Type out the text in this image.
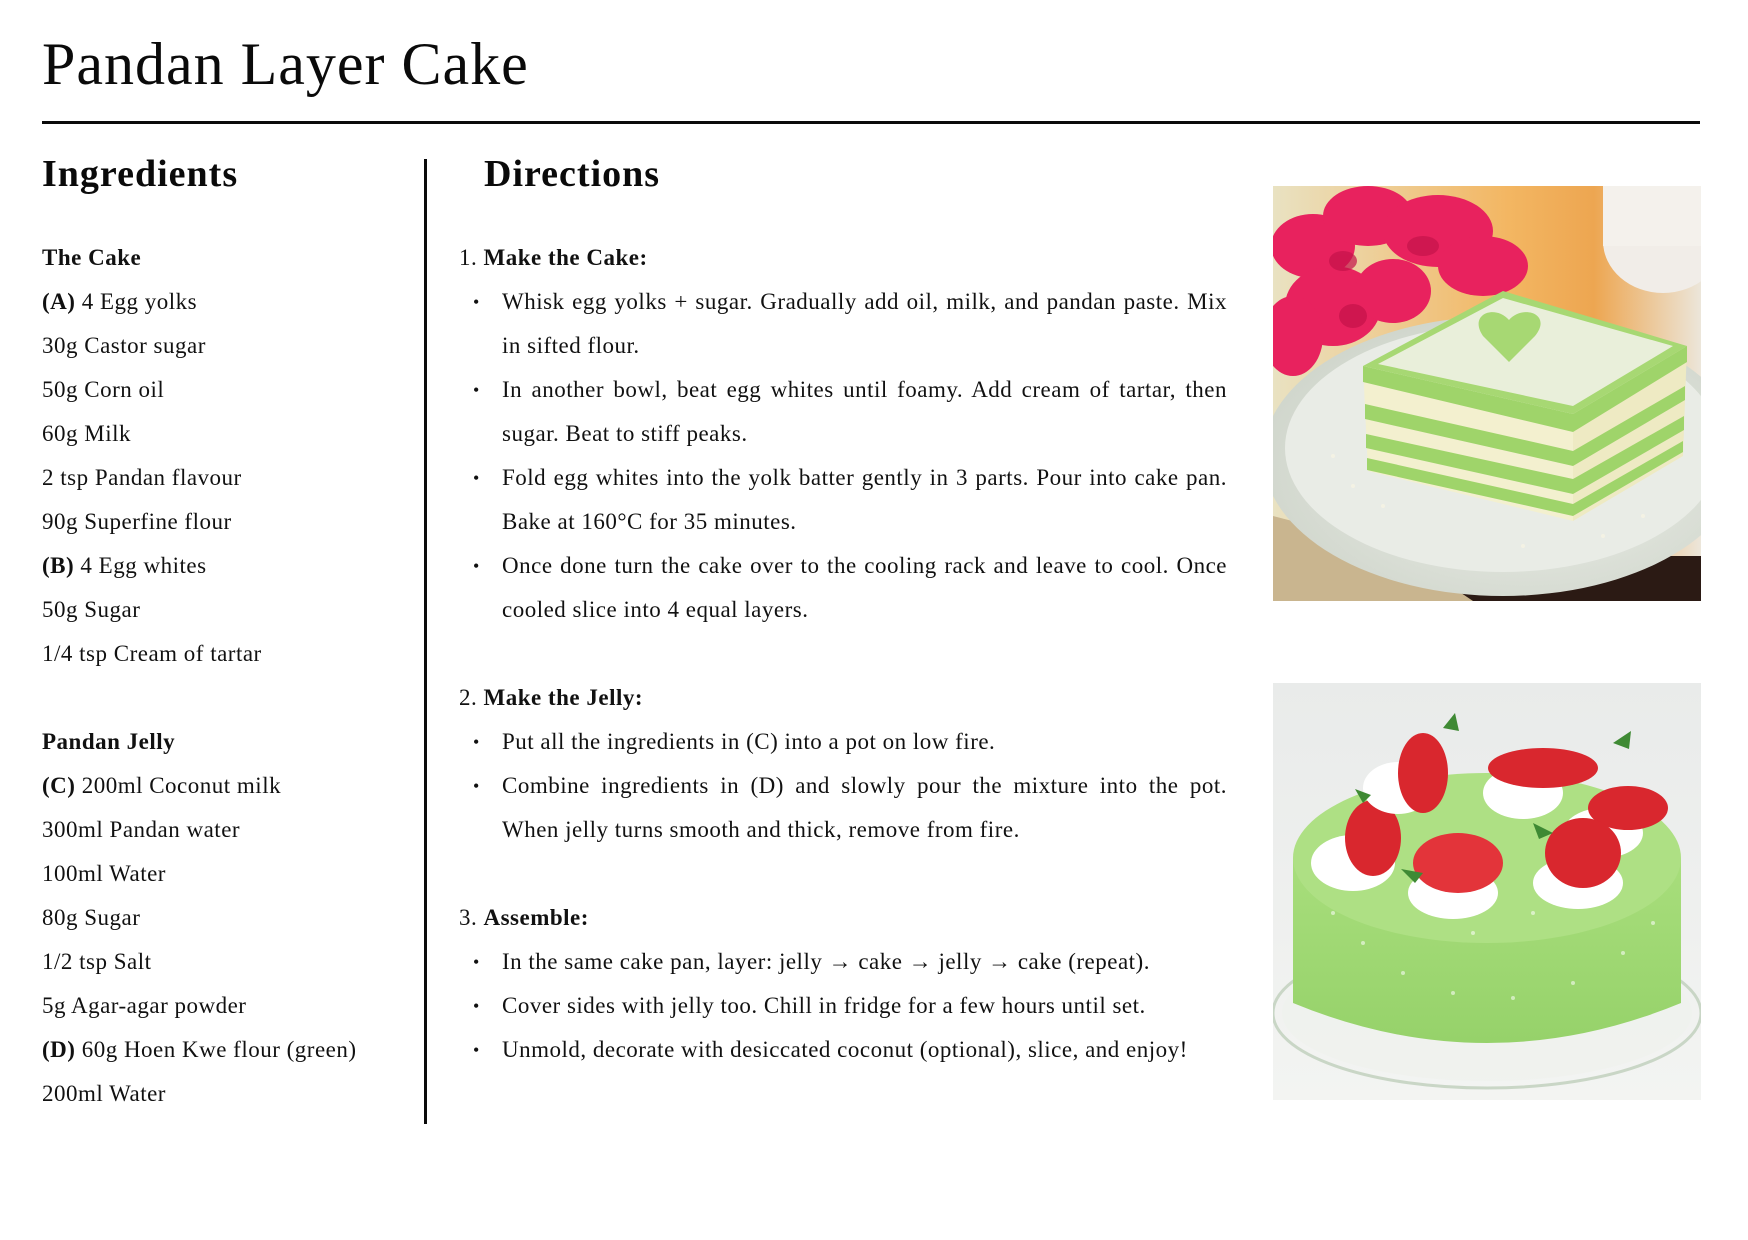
Pandan Layer Cake
Ingredients	Directions
The Cake
(A) 4 Egg yolks
30g Castor sugar
50g Corn oil
60g Milk
2 tsp Pandan flavour
90g Superfine flour
(B) 4 Egg whites
50g Sugar
1/4 tsp Cream of tartar
Pandan Jelly
(C) 200ml Coconut milk
300ml Pandan water
100ml Water
80g Sugar
1/2 tsp Salt
5g Agar-agar powder
(D) 60g Hoen Kwe flour (green)
200ml Water
1. Make the Cake:
• Whisk egg yolks + sugar. Gradually add oil, milk, and pandan paste. Mix in sifted flour.
• In another bowl, beat egg whites until foamy. Add cream of tartar, then sugar. Beat to stiff peaks.
• Fold egg whites into the yolk batter gently in 3 parts. Pour into cake pan. Bake at 160°C for 35 minutes.
• Once done turn the cake over to the cooling rack and leave to cool. Once cooled slice into 4 equal layers.
2. Make the Jelly:
• Put all the ingredients in (C) into a pot on low fire.
• Combine ingredients in (D) and slowly pour the mixture into the pot. When jelly turns smooth and thick, remove from fire.
3. Assemble:
• In the same cake pan, layer: jelly → cake → jelly → cake (repeat).
• Cover sides with jelly too. Chill in fridge for a few hours until set.
• Unmold, decorate with desiccated coconut (optional), slice, and enjoy!
